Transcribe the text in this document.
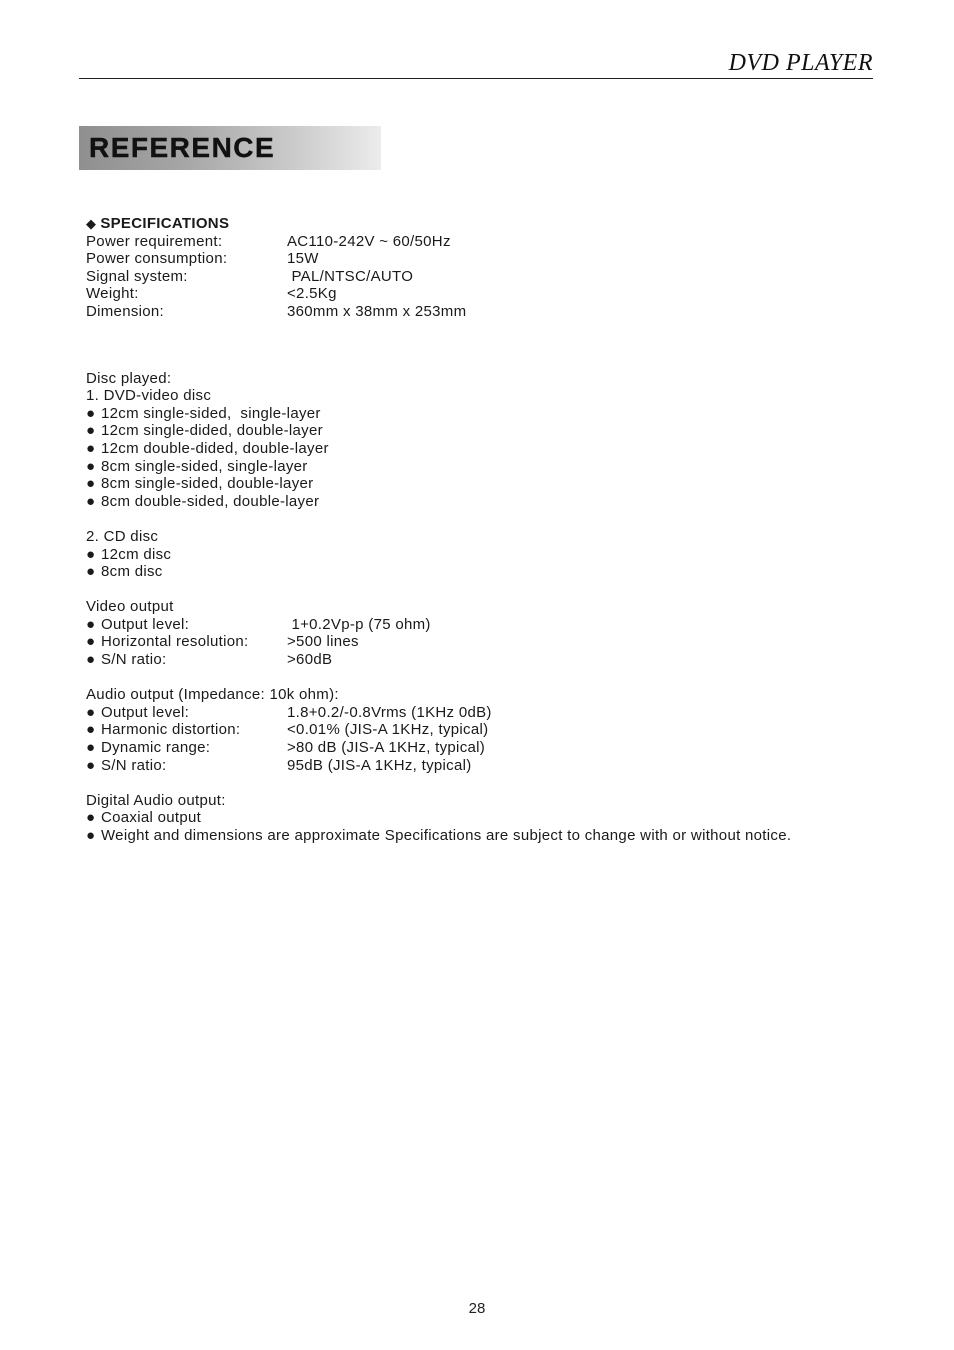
DVD PLAYER
REFERENCE
◆ SPECIFICATIONS
Power requirement:	AC110-242V ~ 60/50Hz
Power consumption:	15W
Signal system:	PAL/NTSC/AUTO
Weight:	<2.5Kg
Dimension:	360mm x 38mm x 253mm
Disc played:
1. DVD-video disc
● 12cm single-sided,  single-layer
● 12cm single-dided, double-layer
● 12cm double-dided, double-layer
● 8cm single-sided, single-layer
● 8cm single-sided, double-layer
● 8cm double-sided, double-layer
2. CD disc
● 12cm disc
● 8cm disc
Video output
● Output level:	1+0.2Vp-p (75 ohm)
● Horizontal resolution:	>500 lines
● S/N ratio:	>60dB
Audio output (Impedance: 10k ohm):
● Output level:	1.8+0.2/-0.8Vrms (1KHz 0dB)
● Harmonic distortion:	<0.01% (JIS-A 1KHz, typical)
● Dynamic range:	>80 dB (JIS-A 1KHz, typical)
● S/N ratio:	95dB (JIS-A 1KHz, typical)
Digital Audio output:
● Coaxial output
● Weight and dimensions are approximate Specifications are subject to change with or without notice.
28
